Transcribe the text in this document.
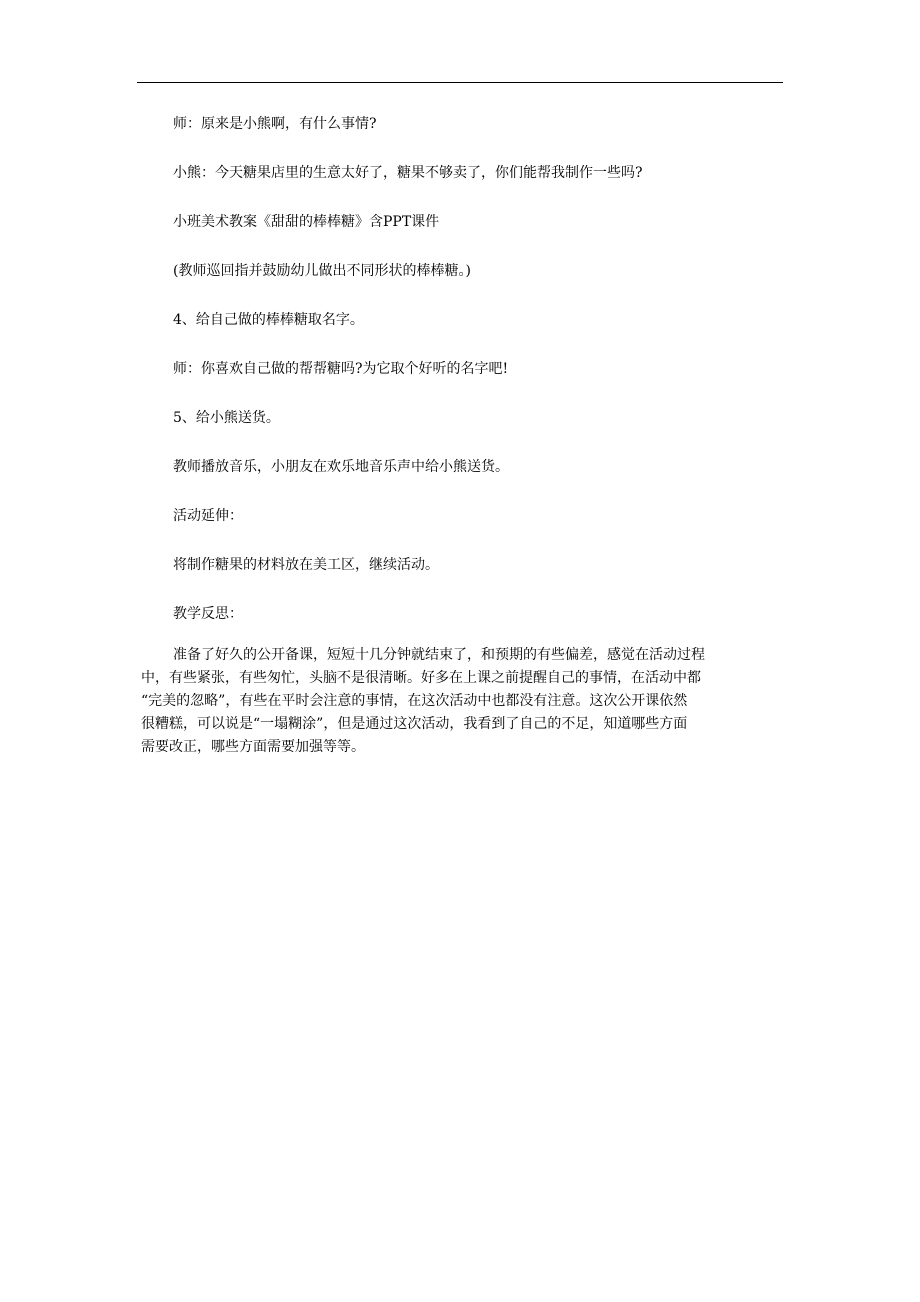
师：原来是小熊啊，有什么事情?

小熊：今天糖果店里的生意太好了，糖果不够卖了，你们能帮我制作一些吗?

小班美术教案《甜甜的棒棒糖》含PPT课件

(教师巡回指并鼓励幼儿做出不同形状的棒棒糖。)

4、给自己做的棒棒糖取名字。

师：你喜欢自己做的帮帮糖吗?为它取个好听的名字吧!

5、给小熊送货。

教师播放音乐，小朋友在欢乐地音乐声中给小熊送货。

活动延伸：

将制作糖果的材料放在美工区，继续活动。

教学反思：

准备了好久的公开备课，短短十几分钟就结束了，和预期的有些偏差，感觉在活动过程
中，有些紧张，有些匆忙，头脑不是很清晰。好多在上课之前提醒自己的事情，在活动中都
“完美的忽略”，有些在平时会注意的事情，在这次活动中也都没有注意。这次公开课依然
很糟糕，可以说是“一塌糊涂”，但是通过这次活动，我看到了自己的不足，知道哪些方面
需要改正，哪些方面需要加强等等。
